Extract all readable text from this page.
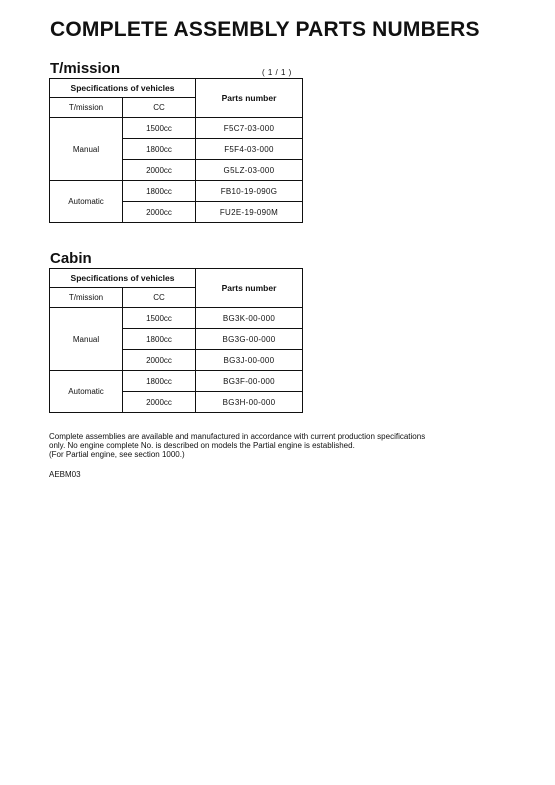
COMPLETE ASSEMBLY PARTS NUMBERS
T/mission	( 1 / 1 )
Specifications of vehicles		Parts number
T/mission	CC	
Manual	1500cc	F5C7-03-000
	1800cc	F5F4-03-000
	2000cc	G5LZ-03-000
Automatic	1800cc	FB10-19-090G
	2000cc	FU2E-19-090M
Cabin
Specifications of vehicles		Parts number
T/mission	CC	
Manual	1500cc	BG3K-00-000
	1800cc	BG3G-00-000
	2000cc	BG3J-00-000
Automatic	1800cc	BG3F-00-000
	2000cc	BG3H-00-000
Complete assemblies are available and manufactured in accordance with current production specifications
only. No engine complete No. is described on models the Partial engine is established.
(For Partial engine, see section 1000.)
AEBM03
